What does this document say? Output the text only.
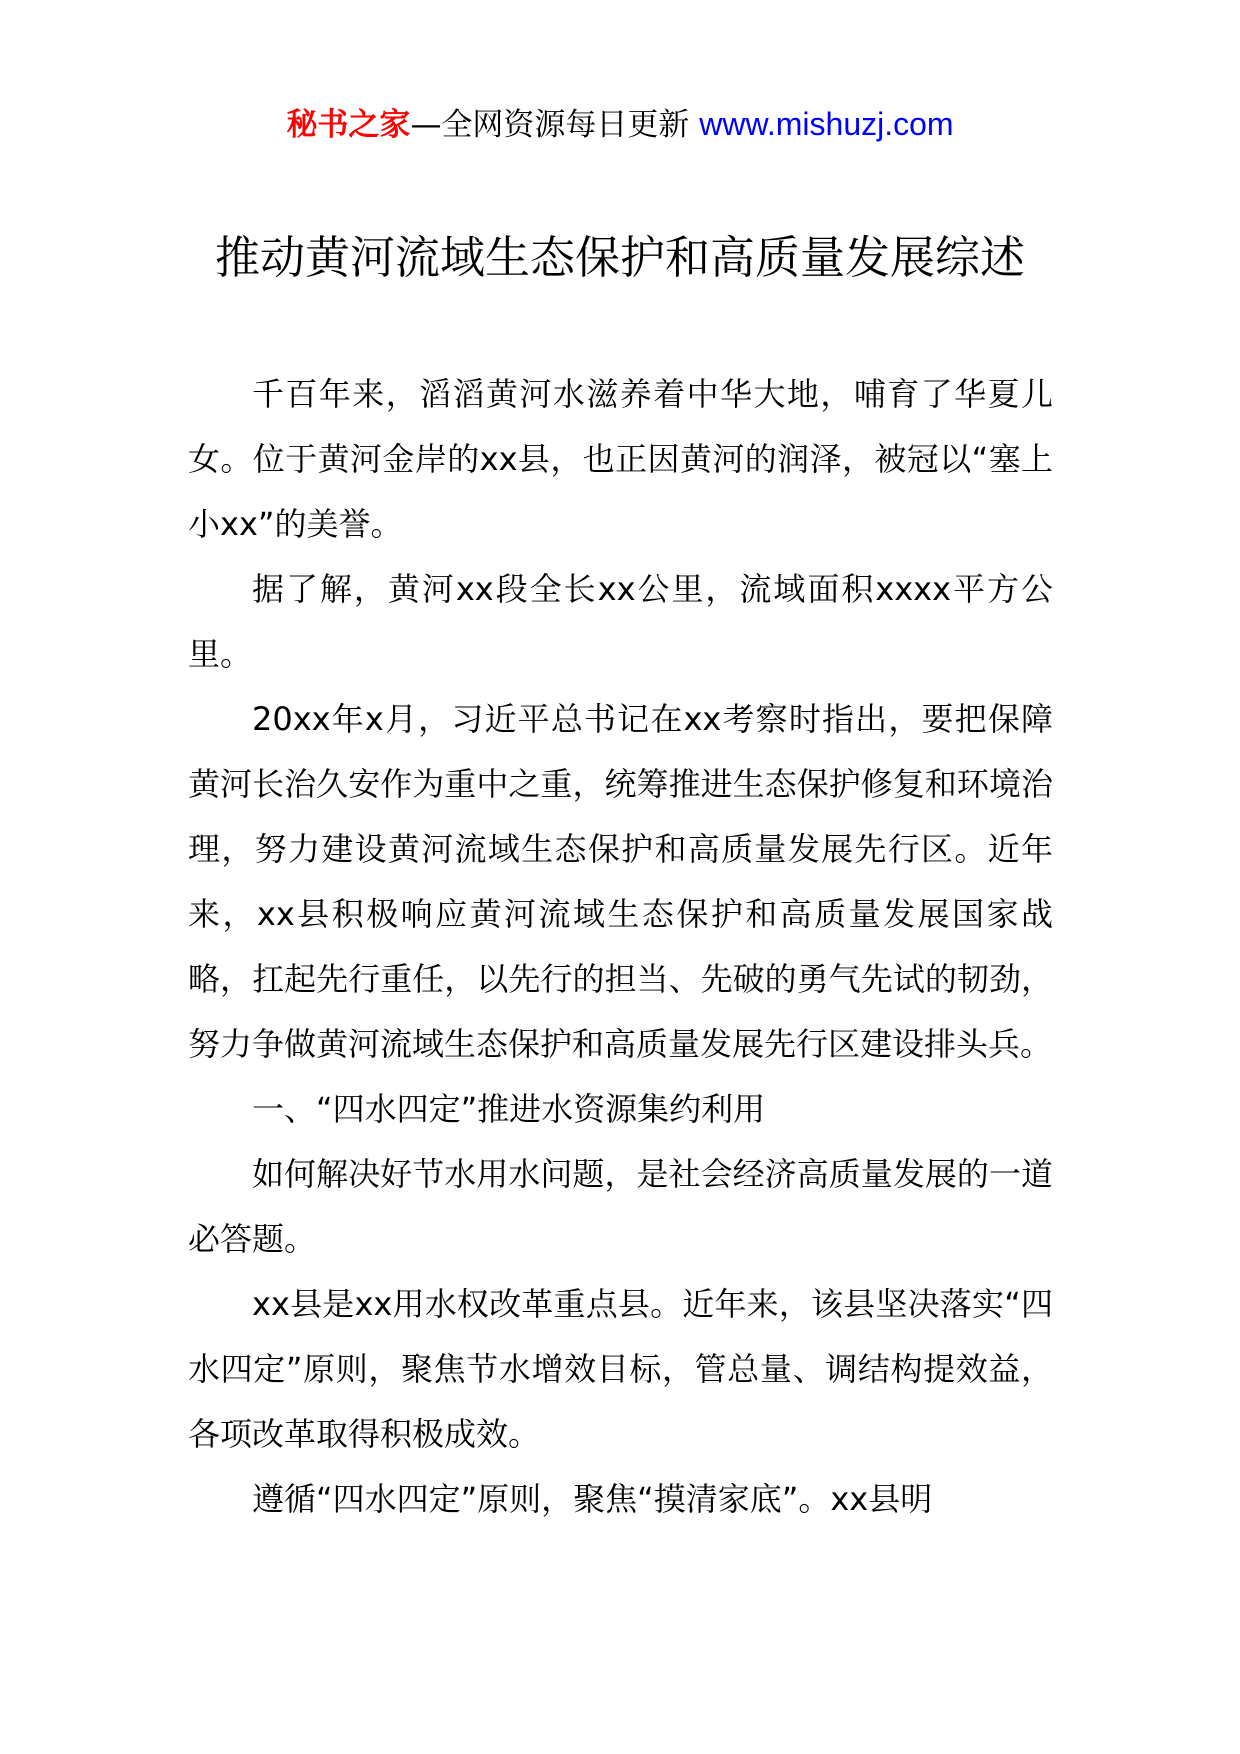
秘书之家—全网资源每日更新 www.mishuzj.com
推动黄河流域生态保护和高质量发展综述

千百年来，滔滔黄河水滋养着中华大地，哺育了华夏儿女。位于黄河金岸的xx县，也正因黄河的润泽，被冠以“塞上小xx”的美誉。

据了解，黄河xx段全长xx公里，流域面积xxxx平方公里。

20xx年x月，习近平总书记在xx考察时指出，要把保障黄河长治久安作为重中之重，统筹推进生态保护修复和环境治理，努力建设黄河流域生态保护和高质量发展先行区。近年来，xx县积极响应黄河流域生态保护和高质量发展国家战略，扛起先行重任，以先行的担当、先破的勇气先试的韧劲，努力争做黄河流域生态保护和高质量发展先行区建设排头兵。

一、“四水四定”推进水资源集约利用

如何解决好节水用水问题，是社会经济高质量发展的一道必答题。

xx县是xx用水权改革重点县。近年来，该县坚决落实“四水四定”原则，聚焦节水增效目标，管总量、调结构提效益，各项改革取得积极成效。

遵循“四水四定”原则，聚焦“摸清家底”。xx县明
